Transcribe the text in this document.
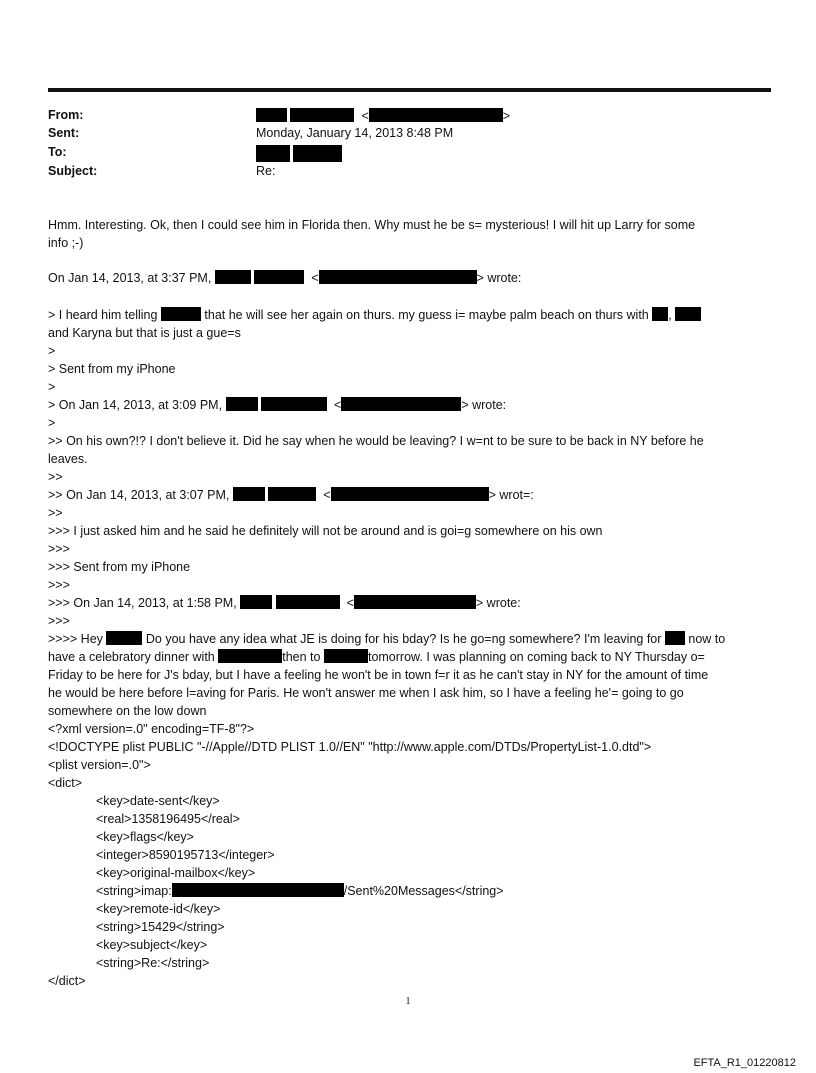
From:	<	>
Sent:	Monday, January 14, 2013 8:48 PM
To:

Subject:	Re:
Hmm. Interesting. Ok, then I could see him in Florida then. Why must he be s= mysterious! I will hit up Larry for some
info ;-)
On Jan 14, 2013, at 3:37 PM,	<	> wrote:
> I heard him telling	that he will see her again on thurs. my guess i= maybe palm beach on thurs with ,
and Karyna but that is just a gue=s
>
> Sent from my iPhone
>
> On Jan 14, 2013, at 3:09 PM,	<	> wrote:
>
>> On his own?!? I don't believe it. Did he say when he would be leaving? I w=nt to be sure to be back in NY before he
leaves.
>>
>> On Jan 14, 2013, at 3:07 PM,	<	> wrot=:
>>
>>> I just asked him and he said he definitely will not be around and is goi=g somewhere on his own
>>>
>>> Sent from my iPhone
>>>
>>> On Jan 14, 2013, at 1:58 PM,	<	> wrote:
>>>
>>>> Hey	Do you have any idea what JE is doing for his bday? Is he go=ng somewhere? I'm leaving for now to
have a celebratory dinner with	then to	tomorrow. I was planning on coming back to NY Thursday o=
Friday to be here for J's bday, but I have a feeling he won't be in town f=r it as he can't stay in NY for the amount of time
he would be here before l=aving for Paris. He won't answer me when I ask him, so I have a feeling he'= going to go
somewhere on the low down
<?xml version=.0" encoding=TF-8"?>
<!DOCTYPE plist PUBLIC "-//Apple//DTD PLIST 1.0//EN" "http://www.apple.com/DTDs/PropertyList-1.0.dtd">
<plist version=.0">
<dict>
<key>date-sent</key>
<real>1358196495</real>
<key>flags</key>
<integer>8590195713</integer>
<key>original-mailbox</key>
<string>imap:	/Sent%20Messages</string>
<key>remote-id</key>
<string>15429</string>
<key>subject</key>
<string>Re:</string>
</dict>
1
EFTA_R1_01220812
